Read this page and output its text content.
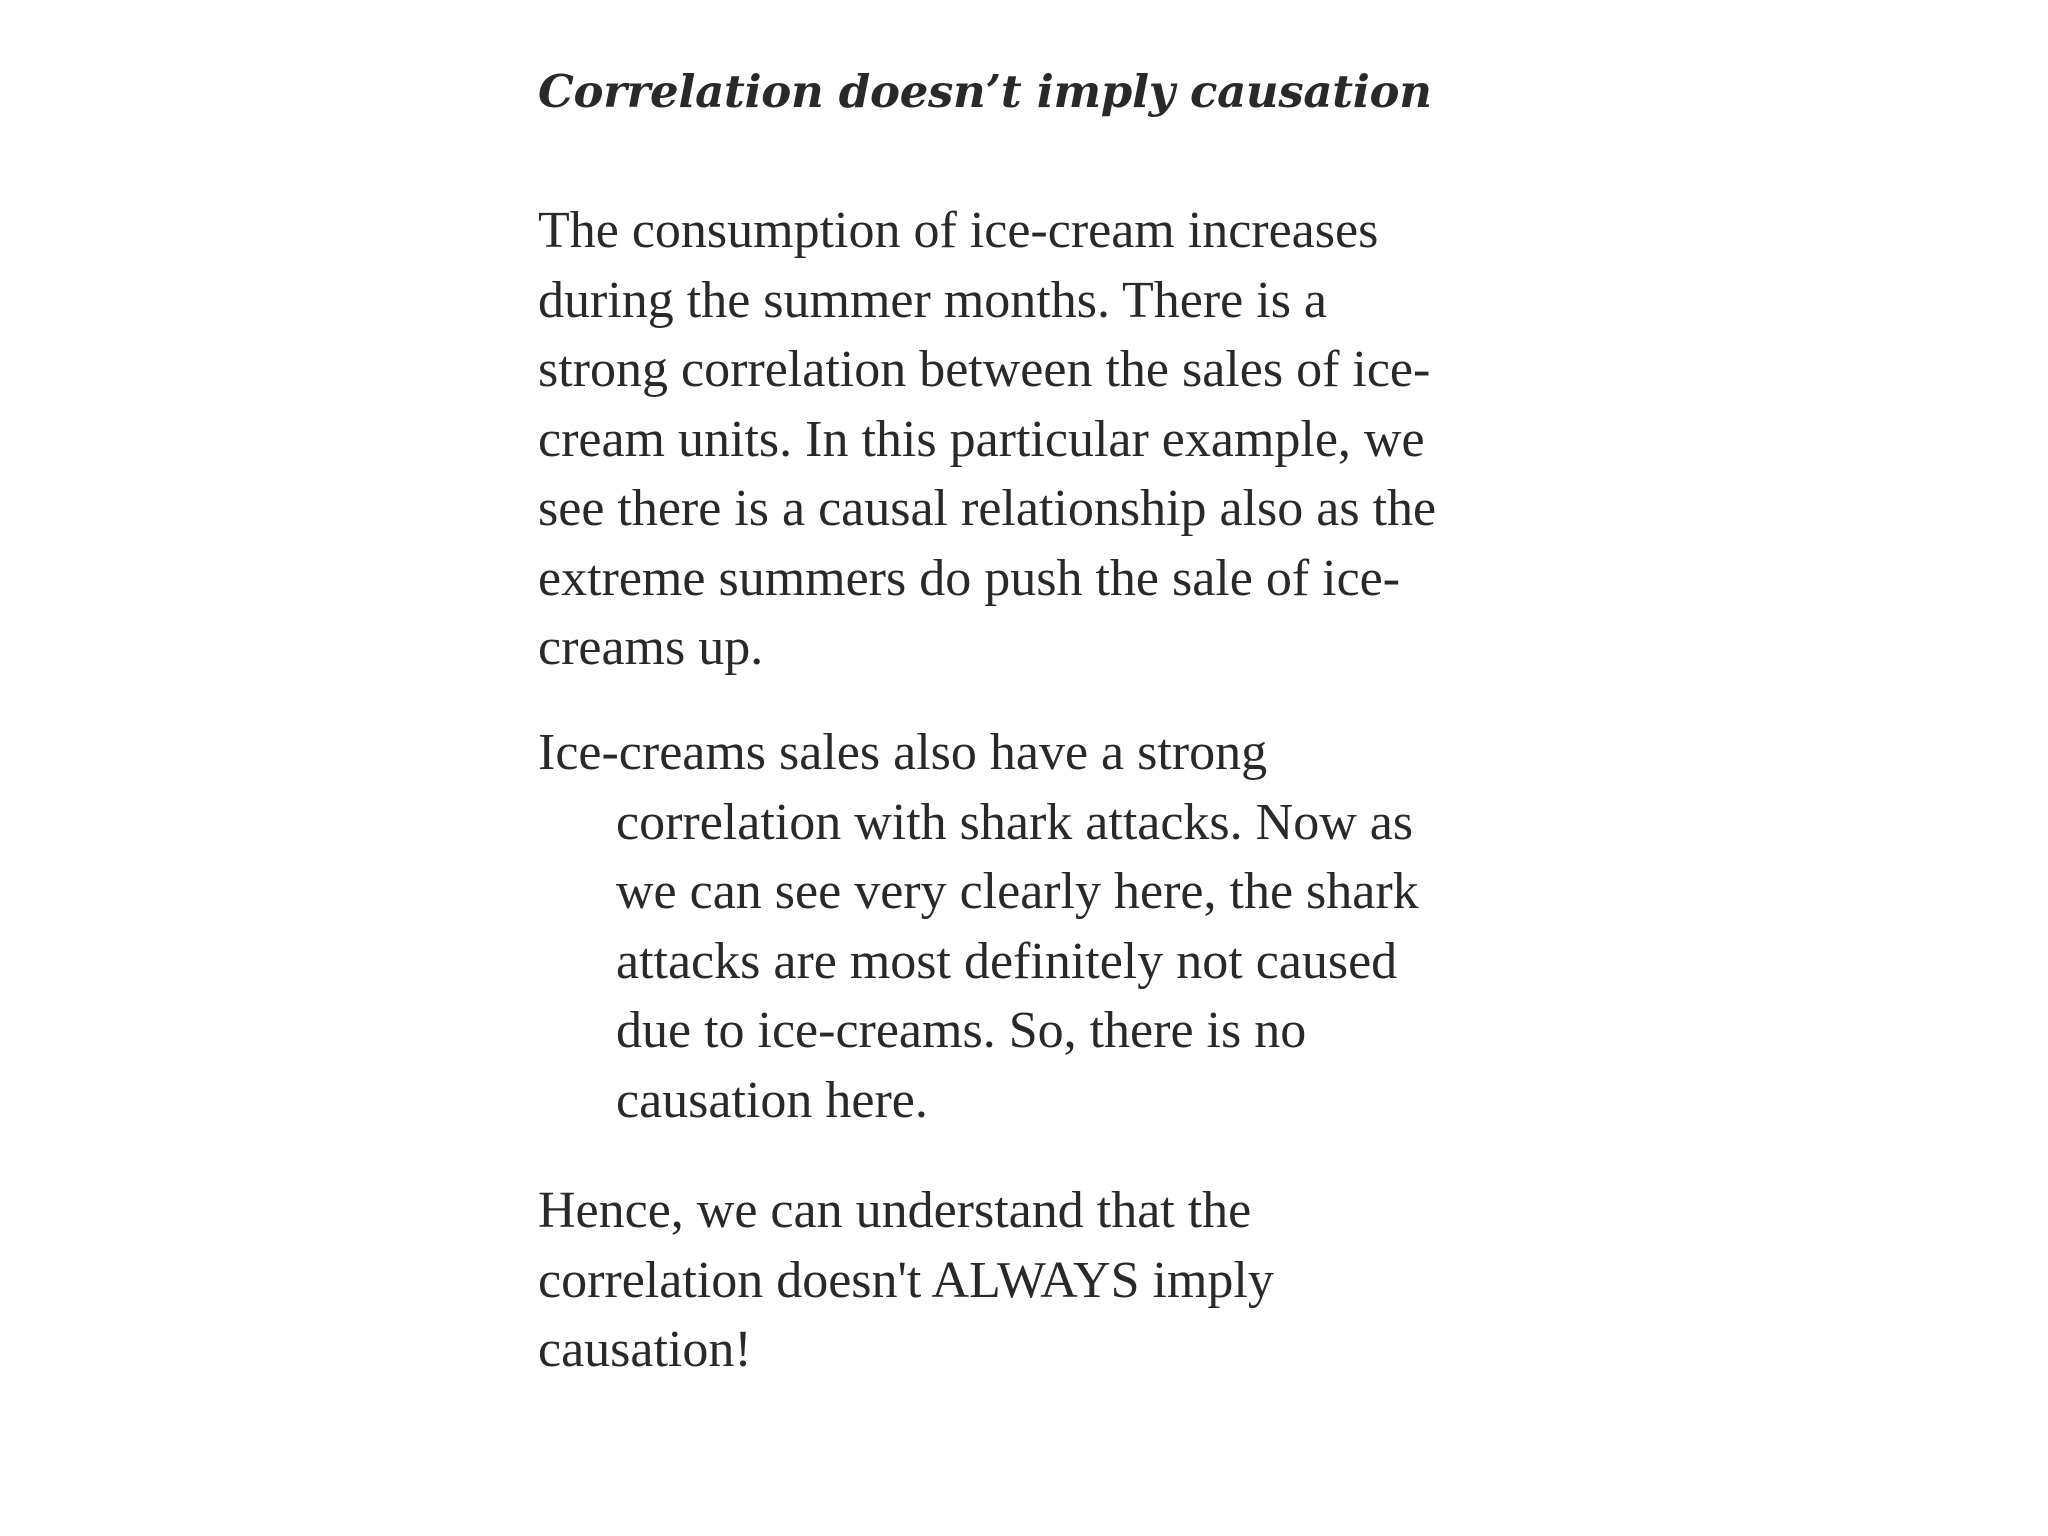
Correlation doesn’t imply causation

The consumption of ice-cream increases
during the summer months. There is a
strong correlation between the sales of ice-
cream units. In this particular example, we
see there is a causal relationship also as the
extreme summers do push the sale of ice-
creams up.

Ice-creams sales also have a strong
correlation with shark attacks. Now as
we can see very clearly here, the shark
attacks are most definitely not caused
due to ice-creams. So, there is no
causation here.

Hence, we can understand that the
correlation doesn't ALWAYS imply
causation!
